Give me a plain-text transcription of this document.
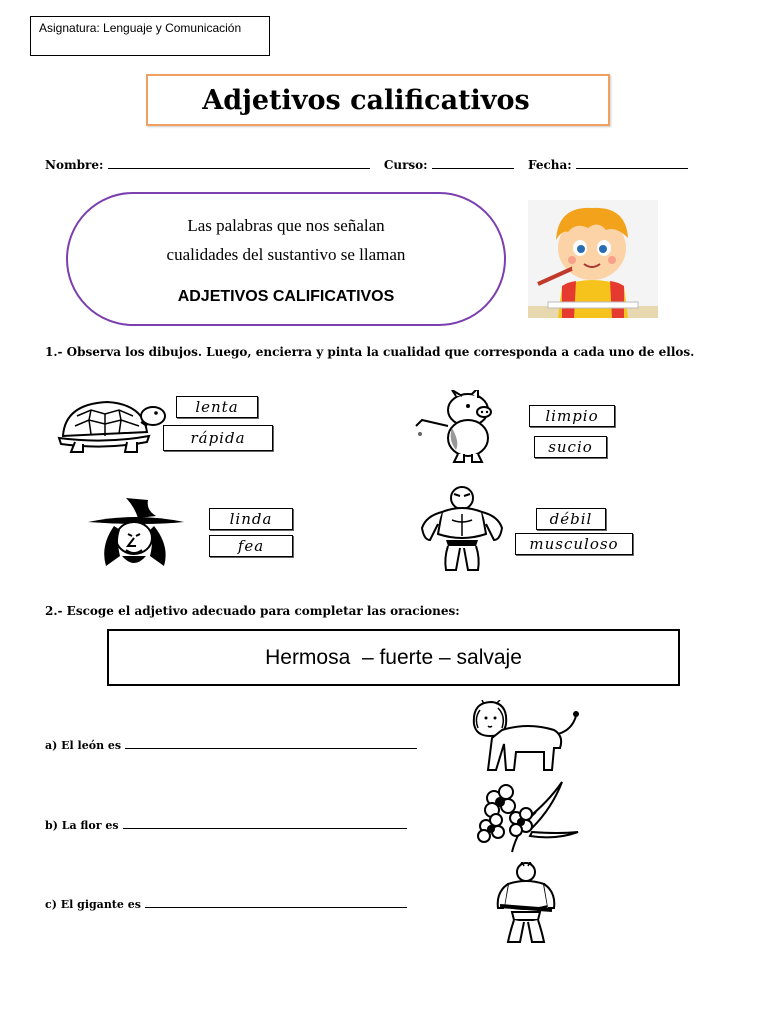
Asignatura: Lenguaje y Comunicación
Adjetivos calificativos
Nombre:	Curso:	Fecha:
Las palabras que nos señalan
cualidades del sustantivo se llaman
ADJETIVOS CALIFICATIVOS
1.- Observa los dibujos. Luego, encierra y pinta la cualidad que corresponda a cada uno de ellos.
lenta
rápida
limpio
sucio
linda
fea
débil
musculoso
2.- Escoge el adjetivo adecuado para completar las oraciones:
Hermosa  – fuerte – salvaje
a) El león es
b) La flor es
c) El gigante es
